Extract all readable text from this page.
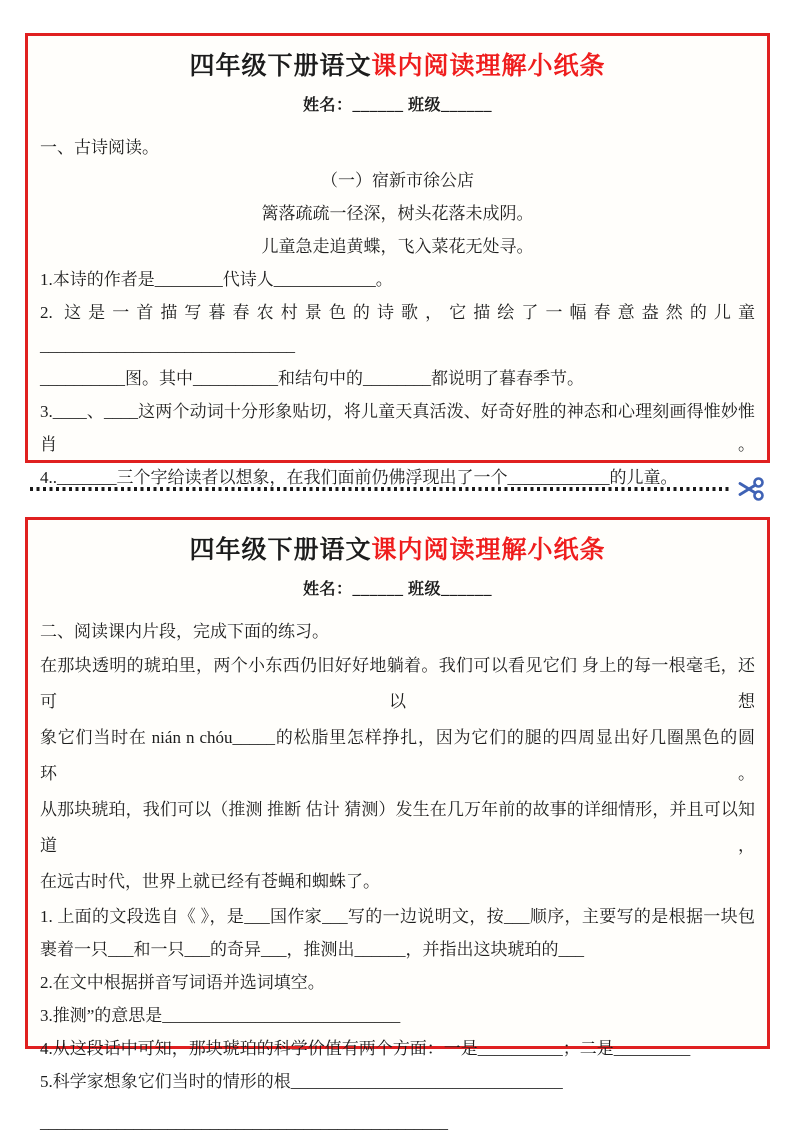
四年级下册语文课内阅读理解小纸条
姓名：______ 班级______
一、古诗阅读。
（一）宿新市徐公店
篱落疏疏一径深，树头花落未成阴。
儿童急走追黄蝶，飞入菜花无处寻。
1.本诗的作者是________代诗人____________。
2. 这是一首描写暮春农村景色的诗歌，它描绘了一幅春意盎然的儿童______________________________
__________图。其中__________和结句中的________都说明了暮春季节。
3.____、____这两个动词十分形象贴切，将儿童天真活泼、好奇好胜的神态和心理刻画得惟妙惟肖。
4.._______三个字给读者以想象，在我们面前仍佛浮现出了一个____________的儿童。
四年级下册语文课内阅读理解小纸条
姓名：______ 班级______
二、阅读课内片段，完成下面的练习。
在那块透明的琥珀里，两个小东西仍旧好好地躺着。我们可以看见它们 身上的每一根毫毛，还可以想
象它们当时在 nián n chóu_____的松脂里怎样挣扎，因为它们的腿的四周显出好几圈黑色的圆环。
从那块琥珀，我们可以（推测 推断 估计 猜测）发生在几万年前的故事的详细情形，并且可以知道，
在远古时代，世界上就已经有苍蝇和蜘蛛了。
1. 上面的文段选自《 》，是___国作家___写的一边说明文，按___顺序，主要写的是根据一块包
裹着一只___和一只___的奇异___，推测出______，并指出这块琥珀的___
2.在文中根据拼音写词语并选词填空。
3.推测”的意思是____________________________
4.从这段话中可知，那块琥珀的科学价值有两个方面：一是__________；二是_________
5.科学家想象它们当时的情形的根________________________________
________________________________________________
